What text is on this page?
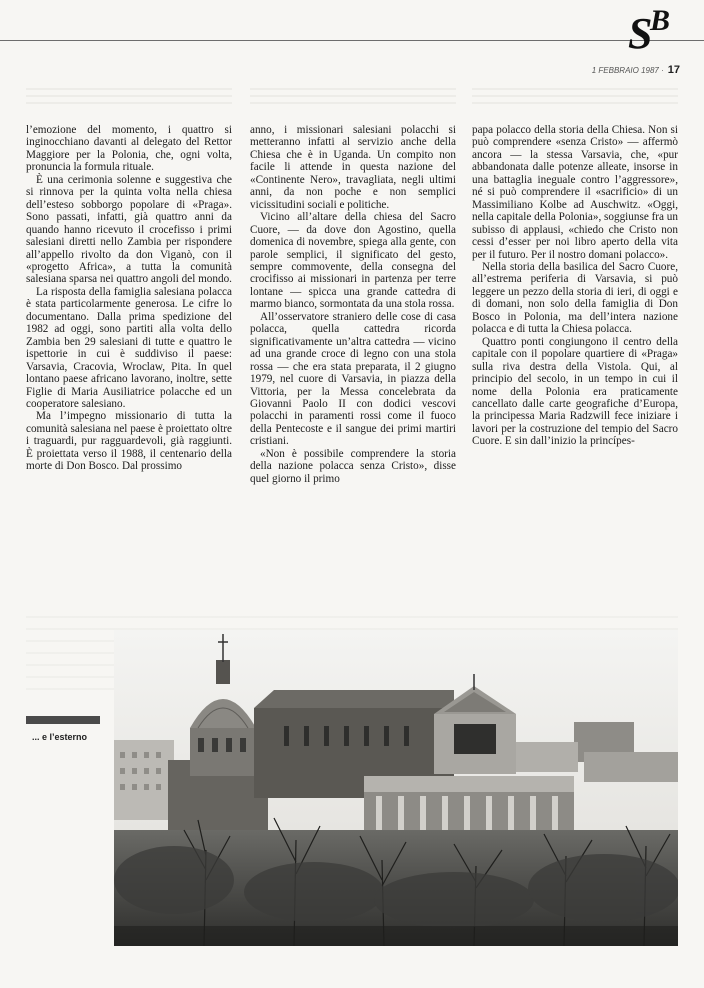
S
B
1 FEBBRAIO 1987 · 17

l’emozione del momento, i quattro si inginocchiano davanti al delegato del Rettor Maggiore per la Polonia, che, ogni volta, pronuncia la formula rituale.

È una cerimonia solenne e suggestiva che si rinnova per la quinta volta nella chiesa dell’esteso sobborgo popolare di «Praga». Sono passati, infatti, già quattro anni da quando hanno ricevuto il crocefisso i primi salesiani diretti nello Zambia per rispondere all’appello rivolto da don Viganò, con il «progetto Africa», a tutta la comunità salesiana sparsa nei quattro angoli del mondo.

La risposta della famiglia salesiana polacca è stata particolarmente generosa. Le cifre lo documentano. Dalla prima spedizione del 1982 ad oggi, sono partiti alla volta dello Zambia ben 29 salesiani di tutte e quattro le ispettorie in cui è suddiviso il paese: Varsavia, Cracovia, Wroclaw, Pita. In quel lontano paese africano lavorano, inoltre, sette Figlie di Maria Ausiliatrice polacche ed un cooperatore salesiano.

Ma l’impegno missionario di tutta la comunità salesiana nel paese è proiettato oltre i traguardi, pur ragguardevoli, già raggiunti. È proiettata verso il 1988, il centenario della morte di Don Bosco. Dal prossimo

anno, i missionari salesiani polacchi si metteranno infatti al servizio anche della Chiesa che è in Uganda. Un compito non facile li attende in questa nazione del «Continente Nero», travagliata, negli ultimi anni, da non poche e non semplici vicissitudini sociali e politiche.

Vicino all’altare della chiesa del Sacro Cuore, — da dove don Agostino, quella domenica di novembre, spiega alla gente, con parole semplici, il significato del gesto, sempre commovente, della consegna del crocifisso ai missionari in partenza per terre lontane — spicca una grande cattedra di marmo bianco, sormontata da una stola rossa.

All’osservatore straniero delle cose di casa polacca, quella cattedra ricorda significativamente un’altra cattedra — vicino ad una grande croce di legno con una stola rossa — che era stata preparata, il 2 giugno 1979, nel cuore di Varsavia, in piazza della Vittoria, per la Messa concelebrata da Giovanni Paolo II con dodici vescovi polacchi in paramenti rossi come il fuoco della Pentecoste e il sangue dei primi martiri cristiani.

«Non è possibile comprendere la storia della nazione polacca senza Cristo», disse quel giorno il primo

papa polacco della storia della Chiesa. Non si può comprendere «senza Cristo» — affermò ancora — la stessa Varsavia, che, «pur abbandonata dalle potenze alleate, insorse in una battaglia ineguale contro l’aggressore», né si può comprendere il «sacrificio» di un Massimiliano Kolbe ad Auschwitz. «Oggi, nella capitale della Polonia», soggiunse fra un subisso di applausi, «chiedo che Cristo non cessi d’esser per noi libro aperto della vita per il futuro. Per il nostro domani polacco».

Nella storia della basilica del Sacro Cuore, all’estrema periferia di Varsavia, si può leggere un pezzo della storia di ieri, di oggi e di domani, non solo della famiglia di Don Bosco in Polonia, ma dell’intera nazione polacca e di tutta la Chiesa polacca.

Quattro ponti congiungono il centro della capitale con il popolare quartiere di «Praga» sulla riva destra della Vistola. Qui, al principio del secolo, in un tempo in cui il nome della Polonia era praticamente cancellato dalle carte geografiche d’Europa, la principessa Maria Radzwill fece iniziare i lavori per la costruzione del tempio del Sacro Cuore. E sin dall’inizio la princípes-

... e l’esterno
